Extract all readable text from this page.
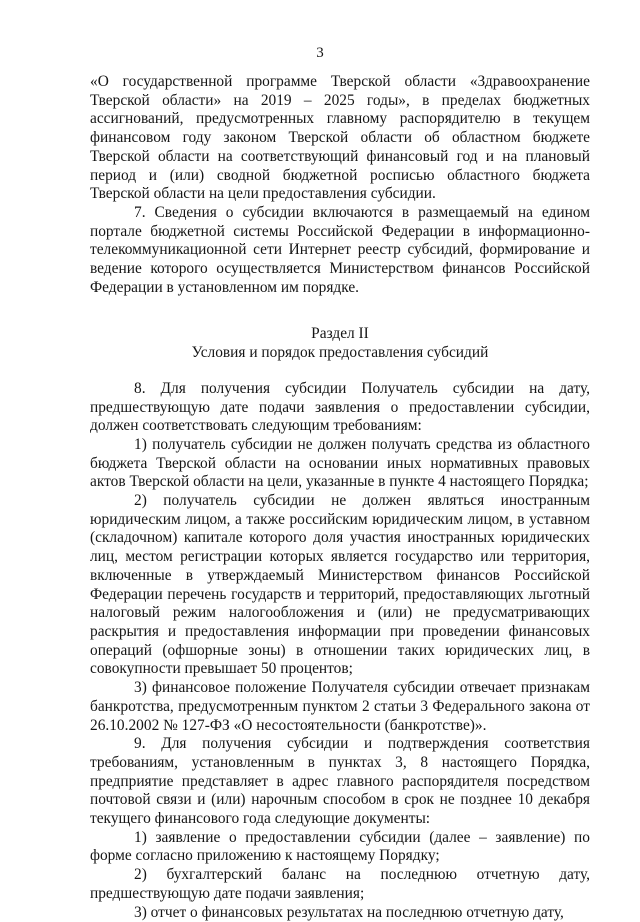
3

«О государственной программе Тверской области «Здравоохранение Тверской области» на 2019 – 2025 годы», в пределах бюджетных ассигнований, предусмотренных главному распорядителю в текущем финансовом году законом Тверской области об областном бюджете Тверской области на соответствующий финансовый год и на плановый период и (или) сводной бюджетной росписью областного бюджета Тверской области на цели предоставления субсидии.

7. Сведения о субсидии включаются в размещаемый на едином портале бюджетной системы Российской Федерации в информационно-телекоммуникационной сети Интернет реестр субсидий, формирование и ведение которого осуществляется Министерством финансов Российской Федерации в установленном им порядке.

Раздел II

Условия и порядок предоставления субсидий

8. Для получения субсидии Получатель субсидии на дату, предшествующую дате подачи заявления о предоставлении субсидии, должен соответствовать следующим требованиям:

1) получатель субсидии не должен получать средства из областного бюджета Тверской области на основании иных нормативных правовых актов Тверской области на цели, указанные в пункте 4 настоящего Порядка;

2) получатель субсидии не должен являться иностранным юридическим лицом, а также российским юридическим лицом, в уставном (складочном) капитале которого доля участия иностранных юридических лиц, местом регистрации которых является государство или территория, включенные в утверждаемый Министерством финансов Российской Федерации перечень государств и территорий, предоставляющих льготный налоговый режим налогообложения и (или) не предусматривающих раскрытия и предоставления информации при проведении финансовых операций (офшорные зоны) в отношении таких юридических лиц, в совокупности превышает 50 процентов;

3) финансовое положение Получателя субсидии отвечает признакам банкротства, предусмотренным пунктом 2 статьи 3 Федерального закона от 26.10.2002 № 127-ФЗ «О несостоятельности (банкротстве)».

9. Для получения субсидии и подтверждения соответствия требованиям, установленным в пунктах 3, 8 настоящего Порядка, предприятие представляет в адрес главного распорядителя посредством почтовой связи и (или) нарочным способом в срок не позднее 10 декабря текущего финансового года следующие документы:

1) заявление о предоставлении субсидии (далее – заявление) по форме согласно приложению к настоящему Порядку;

2) бухгалтерский баланс на последнюю отчетную дату, предшествующую дате подачи заявления;

3) отчет о финансовых результатах на последнюю отчетную дату,
